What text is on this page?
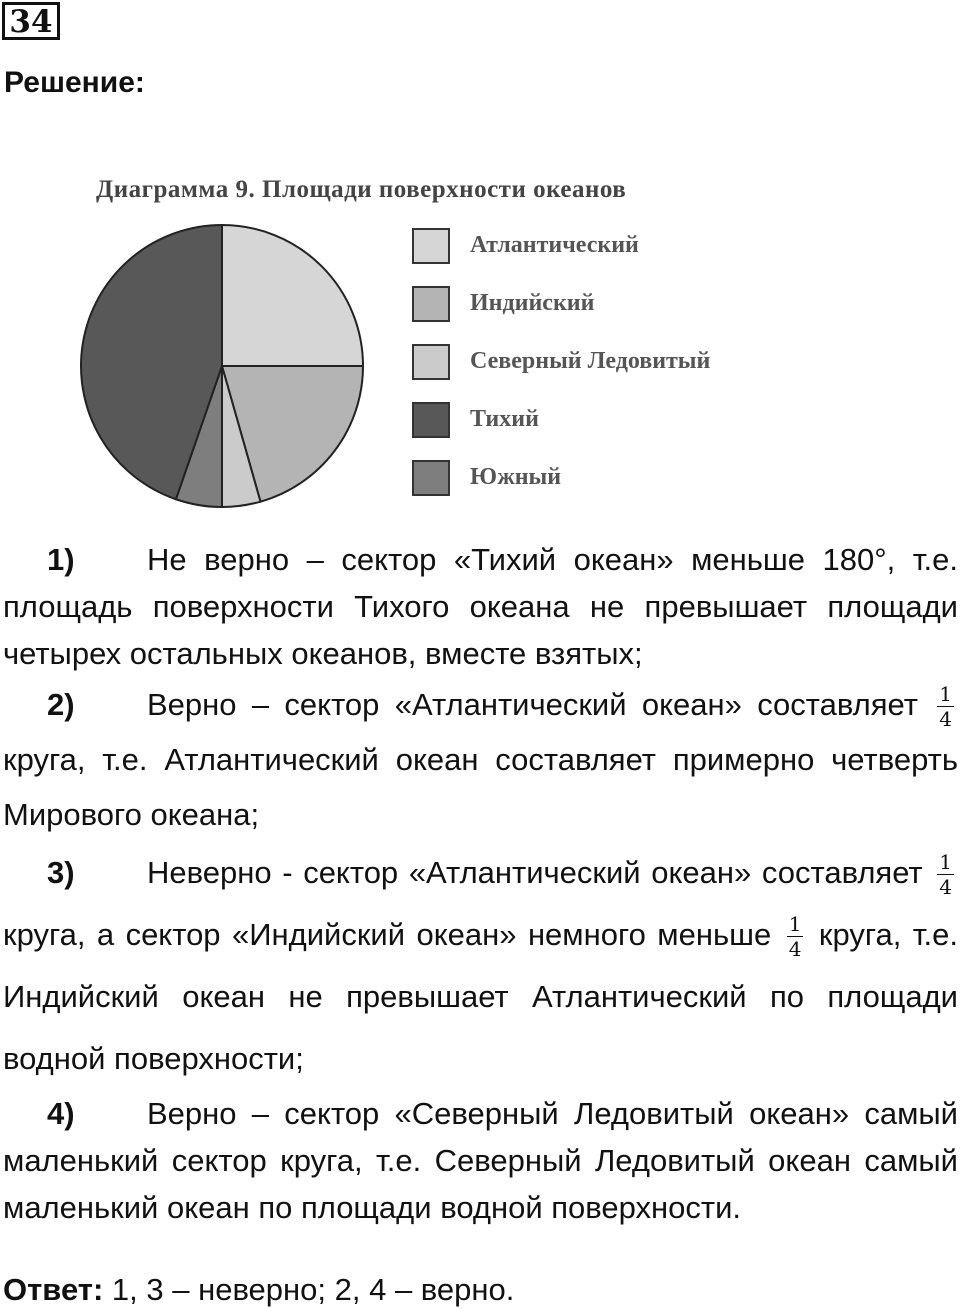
34
Решение:
Диаграмма 9. Площади поверхности океанов
Атлантический
Индийский
Северный Ледовитый
Тихий
Южный

1) Не верно – сектор «Тихий океан» меньше 180°, т.е. площадь поверхности Тихого океана не превышает площади четырех остальных океанов, вместе взятых;

2) Верно – сектор «Атлантический океан» составляет $\frac{1}{4}$
круга, т.е. Атлантический океан составляет примерно четверть Мирового океана;

3) Неверно - сектор «Атлантический океан» составляет $\frac{1}{4}$
круга, а сектор «Индийский океан» немного меньше $\frac{1}{4}$ круга, т.е. Индийский океан не превышает Атлантический по площади водной поверхности;

4) Верно – сектор «Северный Ледовитый океан» самый маленький сектор круга, т.е. Северный Ледовитый океан самый маленький океан по площади водной поверхности.

Ответ: 1, 3 – неверно; 2, 4 – верно.
